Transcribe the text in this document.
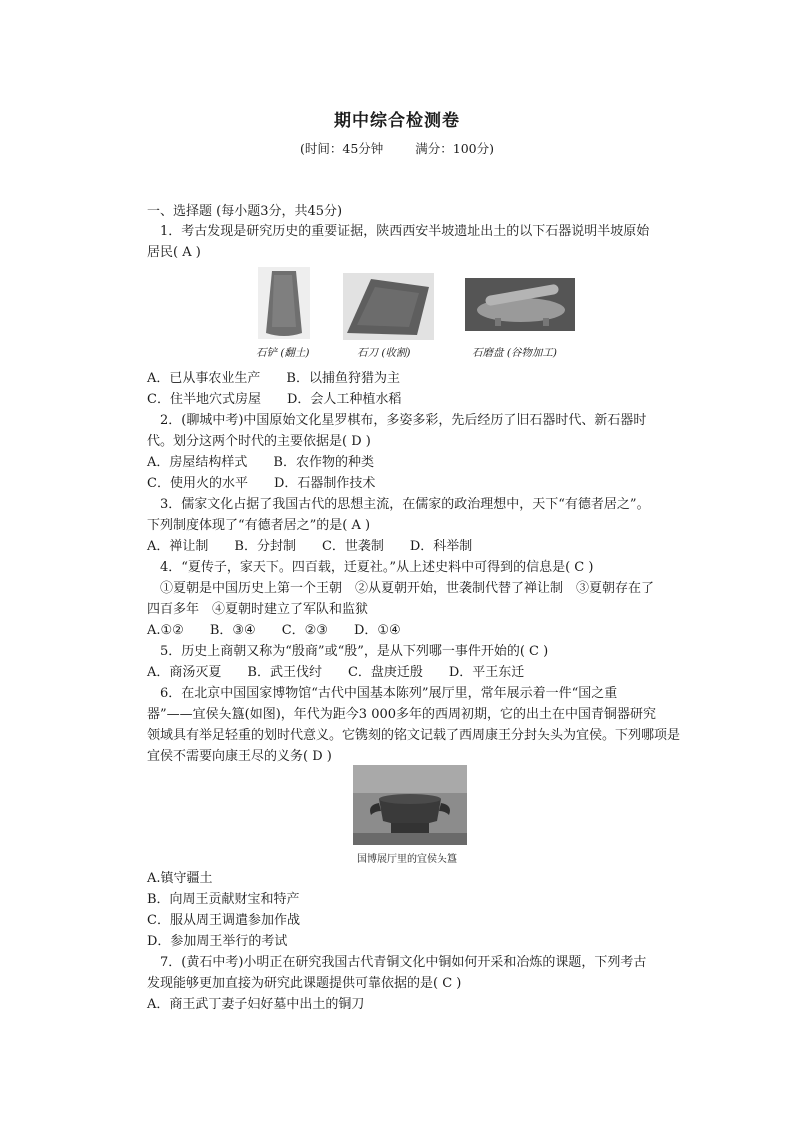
期中综合检测卷
(时间：45分钟	满分：100分)
一、选择题 (每小题3分，共45分)
1．考古发现是研究历史的重要证据，陕西西安半坡遗址出土的以下石器说明半坡原始
居民( A )
石铲 (翻土)	石刀 (收割)	石磨盘 (谷物加工)
A．已从事农业生产　　B．以捕鱼狩猎为主
C．住半地穴式房屋　　D．会人工种植水稻
2．(聊城中考)中国原始文化星罗棋布，多姿多彩，先后经历了旧石器时代、新石器时
代。划分这两个时代的主要依据是( D )
A．房屋结构样式　　B．农作物的种类
C．使用火的水平　　D．石器制作技术
3．儒家文化占据了我国古代的思想主流，在儒家的政治理想中，天下“有德者居之”。
下列制度体现了“有德者居之”的是( A )
A．禅让制　　B．分封制　　C．世袭制　　D．科举制
4．“夏传子，家天下。四百载，迁夏社。”从上述史料中可得到的信息是( C )
①夏朝是中国历史上第一个王朝　②从夏朝开始，世袭制代替了禅让制　③夏朝存在了
四百多年　④夏朝时建立了军队和监狱
A.①②　　B．③④　　C．②③　　D．①④
5．历史上商朝又称为“殷商”或“殷”，是从下列哪一事件开始的( C )
A．商汤灭夏　　B．武王伐纣　　C．盘庚迁殷　　D．平王东迁
6．在北京中国国家博物馆“古代中国基本陈列”展厅里，常年展示着一件“国之重
器”——宜侯夨簋(如图)，年代为距今3 000多年的西周初期，它的出土在中国青铜器研究
领域具有举足轻重的划时代意义。它镌刻的铭文记载了西周康王分封夨头为宜侯。下列哪项是
宜侯不需要向康王尽的义务( D )
国博展厅里的宜侯夨簋
A.镇守疆土
B．向周王贡献财宝和特产
C．服从周王调遣参加作战
D．参加周王举行的考试
7．(黄石中考)小明正在研究我国古代青铜文化中铜如何开采和冶炼的课题，下列考古
发现能够更加直接为研究此课题提供可靠依据的是( C )
A．商王武丁妻子妇好墓中出土的铜刀
